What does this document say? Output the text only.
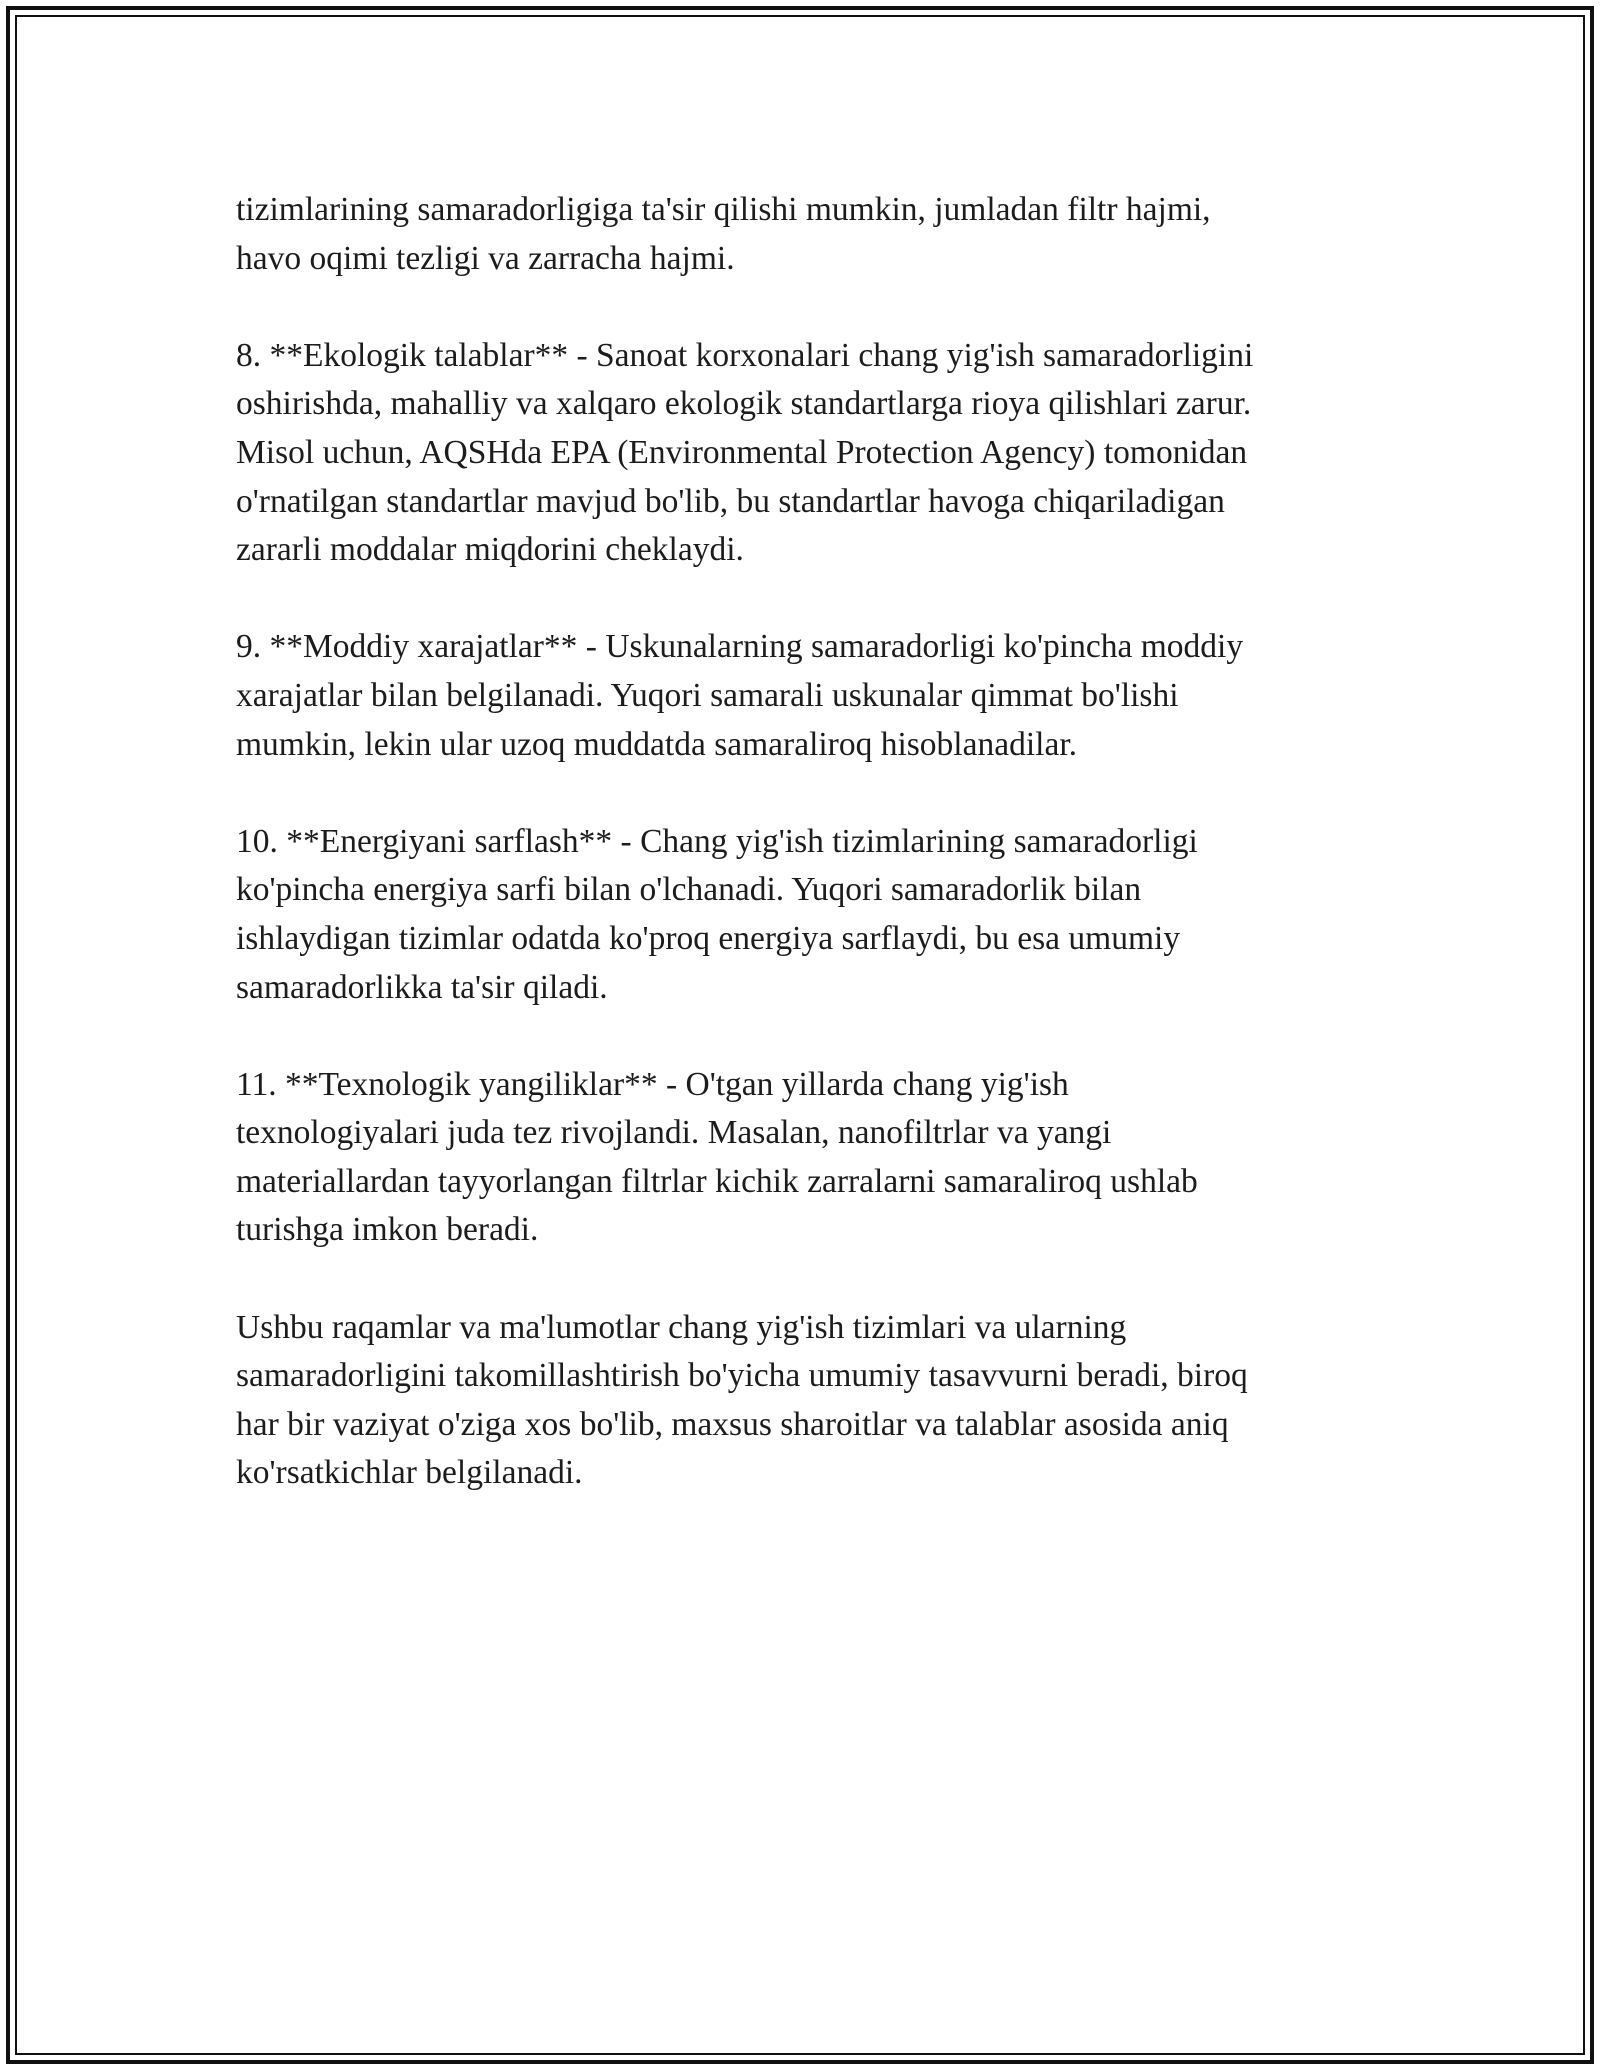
tizimlarining samaradorligiga ta'sir qilishi mumkin, jumladan filtr hajmi,
havo oqimi tezligi va zarracha hajmi.

8. **Ekologik talablar** - Sanoat korxonalari chang yig'ish samaradorligini
oshirishda, mahalliy va xalqaro ekologik standartlarga rioya qilishlari zarur.
Misol uchun, AQSHda EPA (Environmental Protection Agency) tomonidan
o'rnatilgan standartlar mavjud bo'lib, bu standartlar havoga chiqariladigan
zararli moddalar miqdorini cheklaydi.

9. **Moddiy xarajatlar** - Uskunalarning samaradorligi ko'pincha moddiy
xarajatlar bilan belgilanadi. Yuqori samarali uskunalar qimmat bo'lishi
mumkin, lekin ular uzoq muddatda samaraliroq hisoblanadilar.

10. **Energiyani sarflash** - Chang yig'ish tizimlarining samaradorligi
ko'pincha energiya sarfi bilan o'lchanadi. Yuqori samaradorlik bilan
ishlaydigan tizimlar odatda ko'proq energiya sarflaydi, bu esa umumiy
samaradorlikka ta'sir qiladi.

11. **Texnologik yangiliklar** - O'tgan yillarda chang yig'ish
texnologiyalari juda tez rivojlandi. Masalan, nanofiltrlar va yangi
materiallardan tayyorlangan filtrlar kichik zarralarni samaraliroq ushlab
turishga imkon beradi.

Ushbu raqamlar va ma'lumotlar chang yig'ish tizimlari va ularning
samaradorligini takomillashtirish bo'yicha umumiy tasavvurni beradi, biroq
har bir vaziyat o'ziga xos bo'lib, maxsus sharoitlar va talablar asosida aniq
ko'rsatkichlar belgilanadi.
